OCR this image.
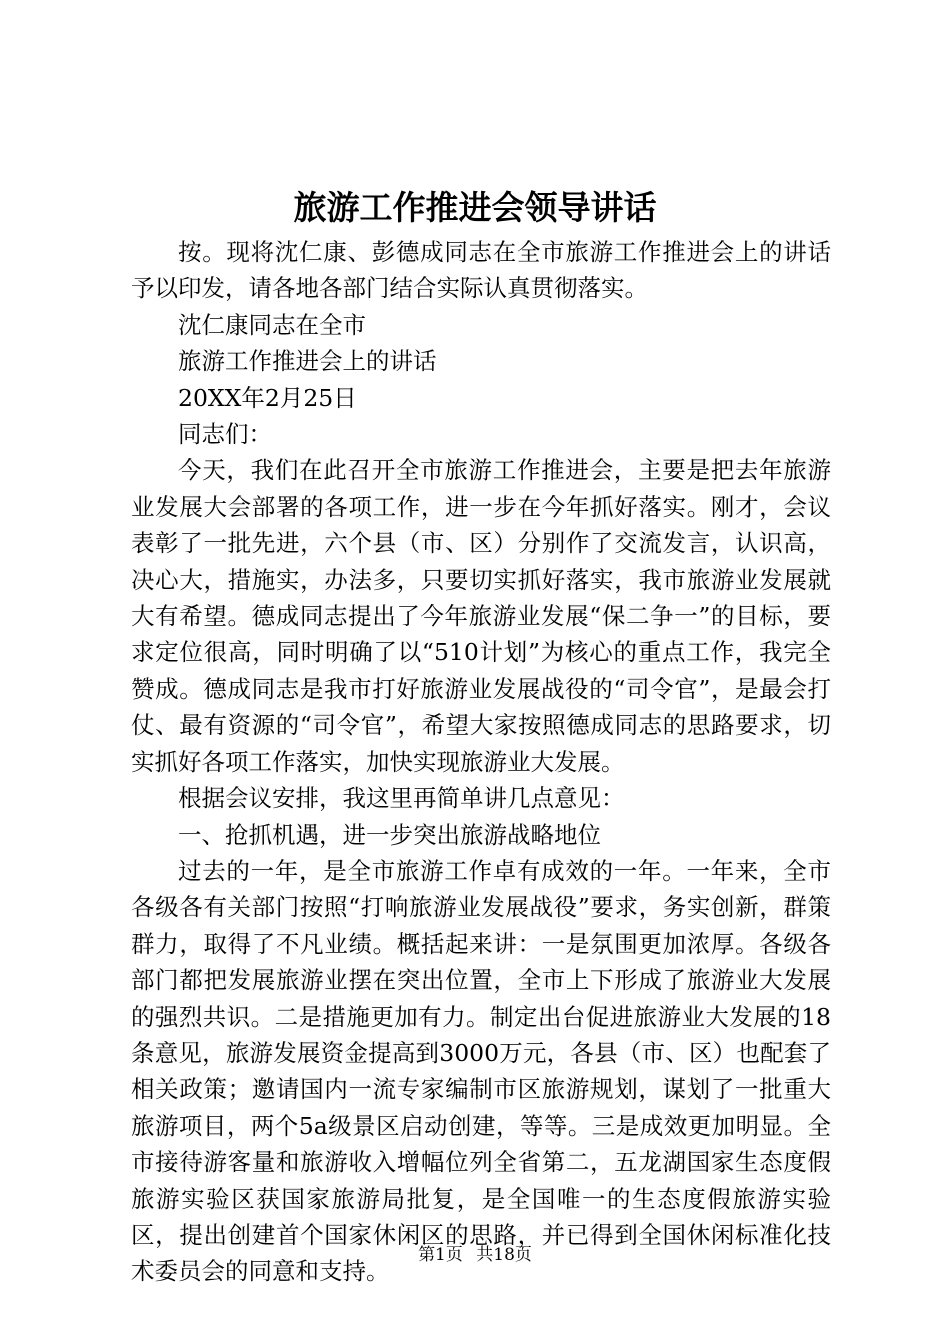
旅游工作推进会领导讲话

按。现将沈仁康、彭德成同志在全市旅游工作推进会上的讲话予以印发，请各地各部门结合实际认真贯彻落实。

沈仁康同志在全市

旅游工作推进会上的讲话

20XX年2月25日

同志们：

今天，我们在此召开全市旅游工作推进会，主要是把去年旅游业发展大会部署的各项工作，进一步在今年抓好落实。刚才，会议表彰了一批先进，六个县（市、区）分别作了交流发言，认识高，决心大，措施实，办法多，只要切实抓好落实，我市旅游业发展就大有希望。德成同志提出了今年旅游业发展“保二争一”的目标，要求定位很高，同时明确了以“510计划”为核心的重点工作，我完全赞成。德成同志是我市打好旅游业发展战役的“司令官”，是最会打仗、最有资源的“司令官”，希望大家按照德成同志的思路要求，切实抓好各项工作落实，加快实现旅游业大发展。

根据会议安排，我这里再简单讲几点意见：

一、抢抓机遇，进一步突出旅游战略地位

过去的一年，是全市旅游工作卓有成效的一年。一年来，全市各级各有关部门按照“打响旅游业发展战役”要求，务实创新，群策群力，取得了不凡业绩。概括起来讲：一是氛围更加浓厚。各级各部门都把发展旅游业摆在突出位置，全市上下形成了旅游业大发展的强烈共识。二是措施更加有力。制定出台促进旅游业大发展的18条意见，旅游发展资金提高到3000万元，各县（市、区）也配套了相关政策；邀请国内一流专家编制市区旅游规划，谋划了一批重大旅游项目，两个5a级景区启动创建，等等。三是成效更加明显。全市接待游客量和旅游收入增幅位列全省第二，五龙湖国家生态度假旅游实验区获国家旅游局批复，是全国唯一的生态度假旅游实验区，提出创建首个国家休闲区的思路，并已得到全国休闲标准化技术委员会的同意和支持。

第1页 共18页
